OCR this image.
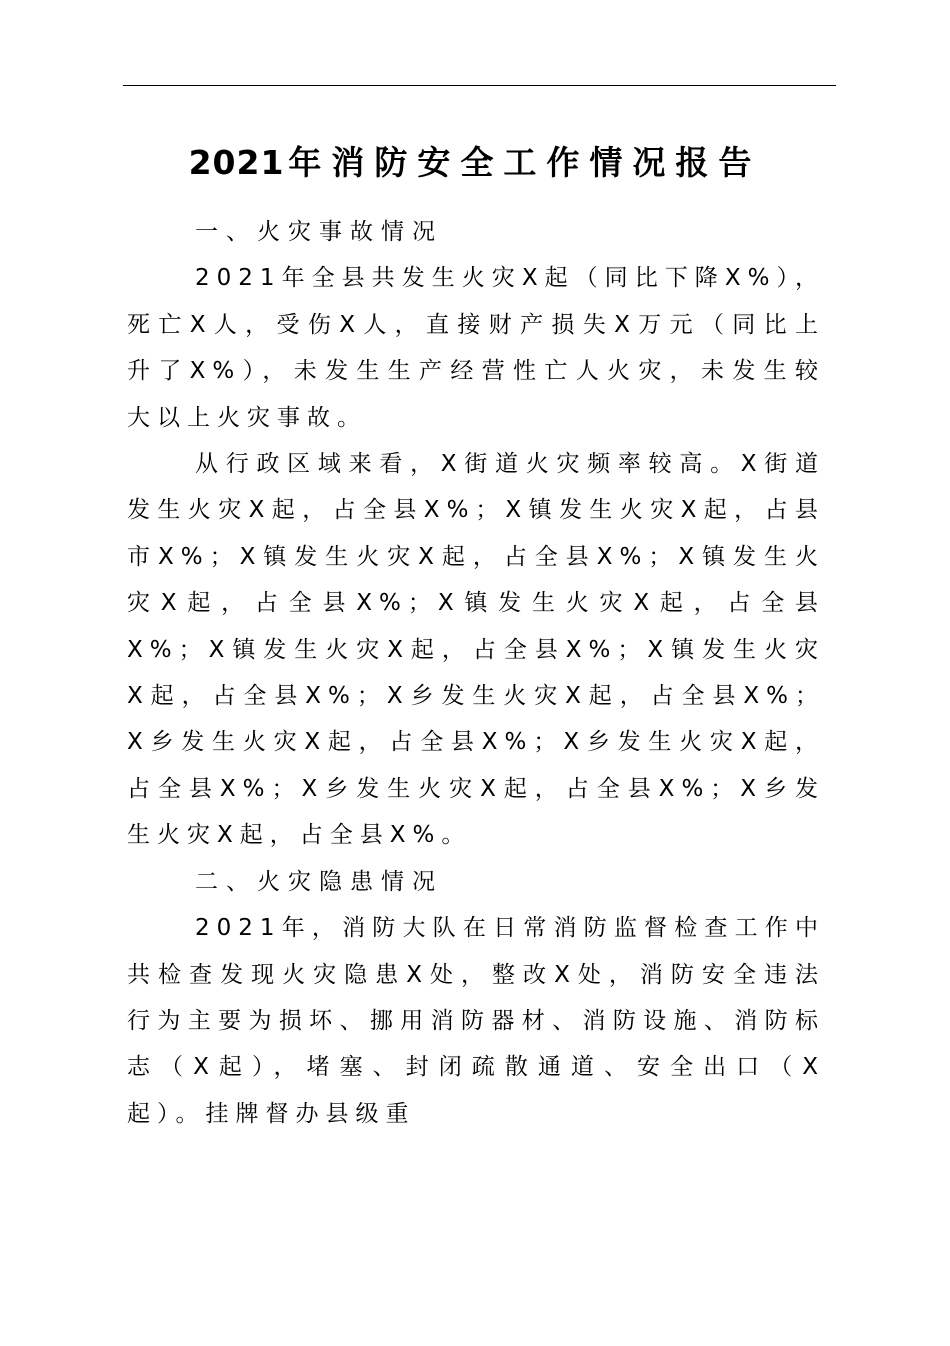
2021 年消防安全工作情况报告
一、火灾事故情况

2021年全县共发生火灾X起（同比下降X%），死亡X人，受伤X人，直接财产损失X万元（同比上升了X%），未发生生产经营性亡人火灾，未发生较大以上火灾事故。

从行政区域来看，X街道火灾频率较高。X街道发生火灾X起，占全县X%；X镇发生火灾X起，占县市X%；X镇发生火灾X起，占全县X%；X镇发生火灾X起，占全县X%；X镇发生火灾X起，占全县X%；X镇发生火灾X起，占全县X%；X镇发生火灾X起，占全县X%；X乡发生火灾X起，占全县X%；X乡发生火灾X起，占全县X%；X乡发生火灾X起，占全县X%；X乡发生火灾X起，占全县X%；X乡发生火灾X起，占全县X%。

二、火灾隐患情况

2021年，消防大队在日常消防监督检查工作中共检查发现火灾隐患X处，整改X处，消防安全违法行为主要为损坏、挪用消防器材、消防设施、消防标志（X起），堵塞、封闭疏散通道、安全出口（X起）。挂牌督办县级重
